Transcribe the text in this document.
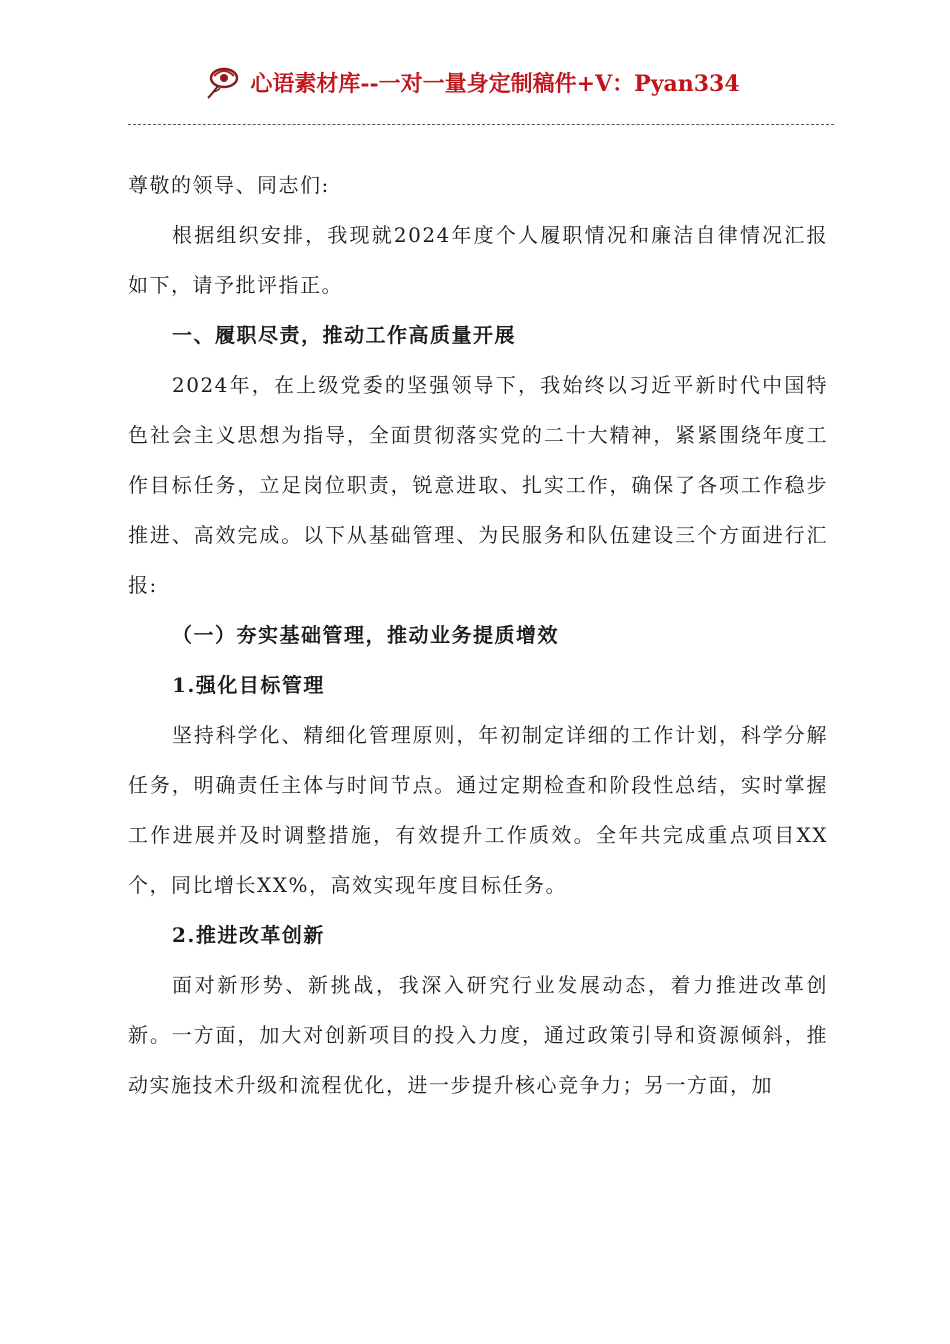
心语素材库--一对一量身定制稿件+V：Pyan334

尊敬的领导、同志们:

根据组织安排，我现就2024年度个人履职情况和廉洁自律情况汇报如下，请予批评指正。

一、履职尽责，推动工作高质量开展

2024年，在上级党委的坚强领导下，我始终以习近平新时代中国特色社会主义思想为指导，全面贯彻落实党的二十大精神，紧紧围绕年度工作目标任务，立足岗位职责，锐意进取、扎实工作，确保了各项工作稳步推进、高效完成。以下从基础管理、为民服务和队伍建设三个方面进行汇报:

（一）夯实基础管理，推动业务提质增效

1.强化目标管理

坚持科学化、精细化管理原则，年初制定详细的工作计划，科学分解任务，明确责任主体与时间节点。通过定期检查和阶段性总结，实时掌握工作进展并及时调整措施，有效提升工作质效。全年共完成重点项目XX个，同比增长XX%，高效实现年度目标任务。

2.推进改革创新

面对新形势、新挑战，我深入研究行业发展动态，着力推进改革创新。一方面，加大对创新项目的投入力度，通过政策引导和资源倾斜，推动实施技术升级和流程优化，进一步提升核心竞争力；另一方面，加
